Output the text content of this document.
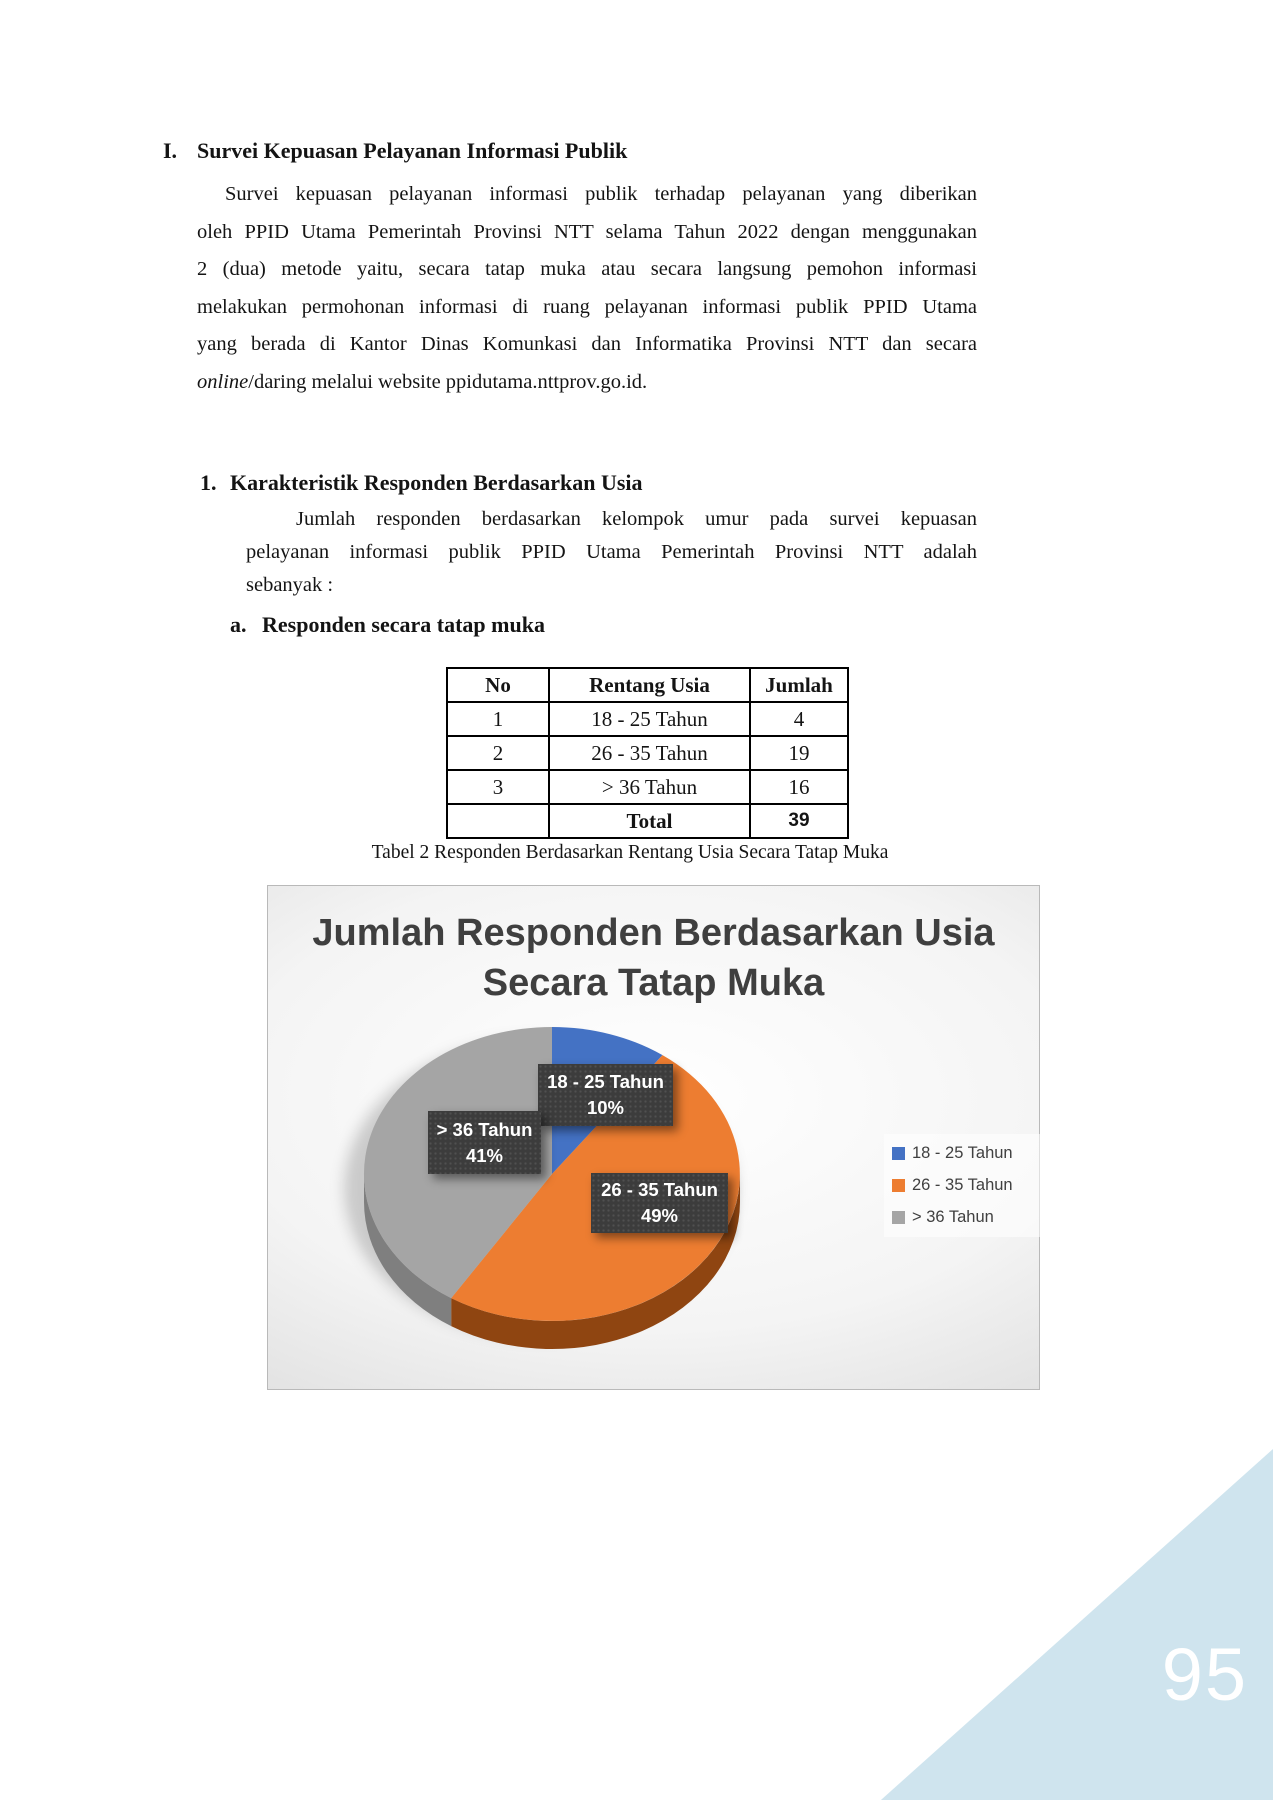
I. Survei Kepuasan Pelayanan Informasi Publik
Survei kepuasan pelayanan informasi publik terhadap pelayanan yang diberikan
oleh PPID Utama Pemerintah Provinsi NTT selama Tahun 2022 dengan menggunakan
2 (dua) metode yaitu, secara tatap muka atau secara langsung pemohon informasi
melakukan permohonan informasi di ruang pelayanan informasi publik PPID Utama
yang berada di Kantor Dinas Komunkasi dan Informatika Provinsi NTT dan secara
online/daring melalui website ppidutama.nttprov.go.id.
1. Karakteristik Responden Berdasarkan Usia
Jumlah responden berdasarkan kelompok umur pada survei kepuasan
pelayanan informasi publik PPID Utama Pemerintah Provinsi NTT adalah
sebanyak :
a. Responden secara tatap muka
No	Rentang Usia	Jumlah
1	18 - 25 Tahun	4
2	26 - 35 Tahun	19
3	> 36 Tahun	16
	Total	39
Tabel 2 Responden Berdasarkan Rentang Usia Secara Tatap Muka
Jumlah Responden Berdasarkan Usia
Secara Tatap Muka
18 - 25 Tahun
10%
> 36 Tahun
41%
26 - 35 Tahun
49%
18 - 25 Tahun
26 - 35 Tahun
> 36 Tahun
95
